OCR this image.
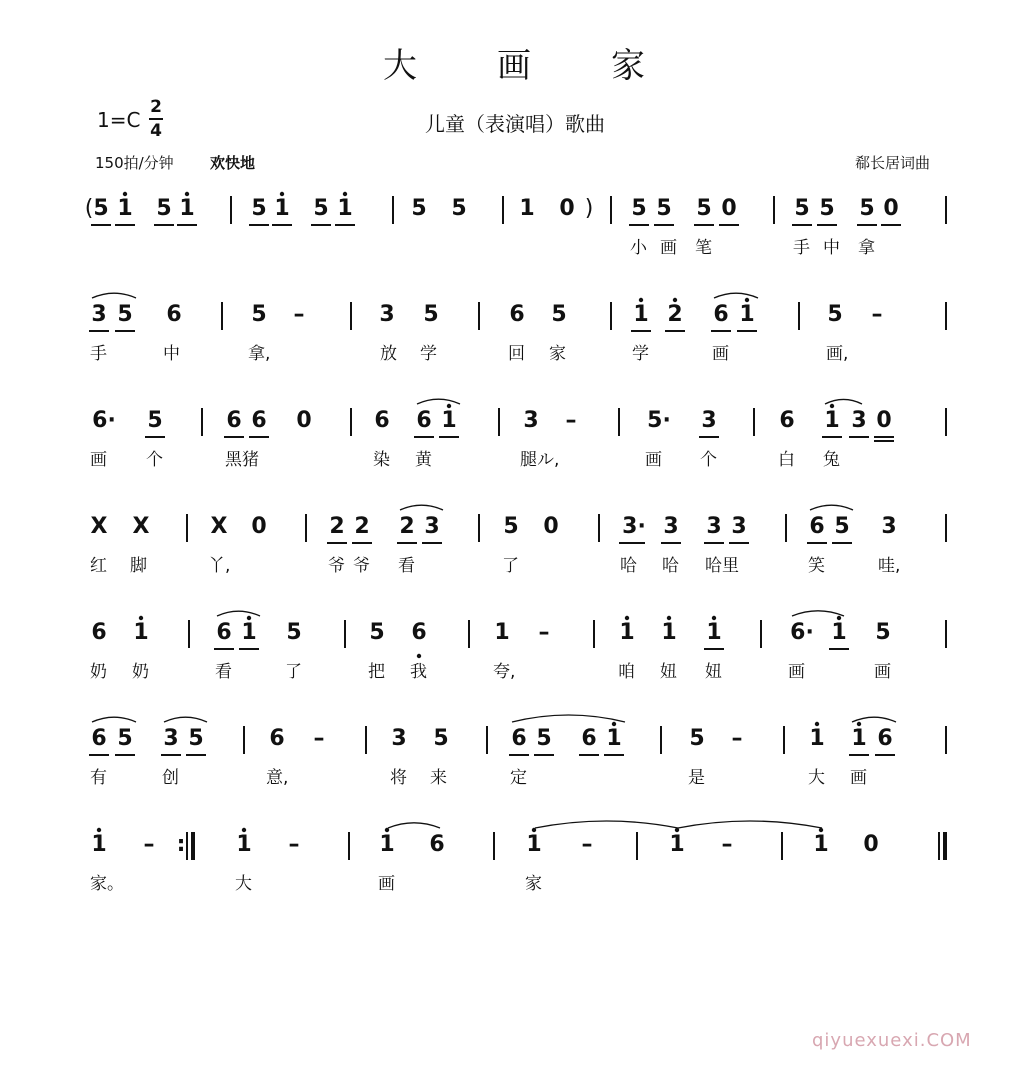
大画家
1=C
2
4	儿童（表演唱）歌曲
150拍/分钟 欢快地	郗长居词曲
( 5 1 5 1	5 1 5 1	5 5 1 0 ) 5 5 5 0	5 5 5 0
小 画 笔	手 中 拿
3 5 6	5 –	3 5	6 5	1 2 6 1	5 –
手	中	拿,	放 学	回 家	学	画	画,
6· 5	6 6 0	6 6 1	3 –	5· 3	6 1 3 0
画 个	黑猪	染 黄	腿ル,	画 个	白 兔
X X	X 0	2 2 2 3	5 0	3· 3 3 3	6 5 3
红 脚	丫,	爷 爷 看	了	哈 哈 哈里	笑	哇,
6 1	6 1 5	5 6	1 –	1 1 1	6· 1 5
奶 奶	看	了	把 我	夸,	咱 妞 妞	画	画
6 5 3 5	6 –	3 5	6 5 6 1	5 –	1 1 6
有	创	意,	将 来	定	是	大 画
1 – : 1 –	1 6	1 –	1 –	1 0
家。	大	画	家
qiyuexuexi.COM
